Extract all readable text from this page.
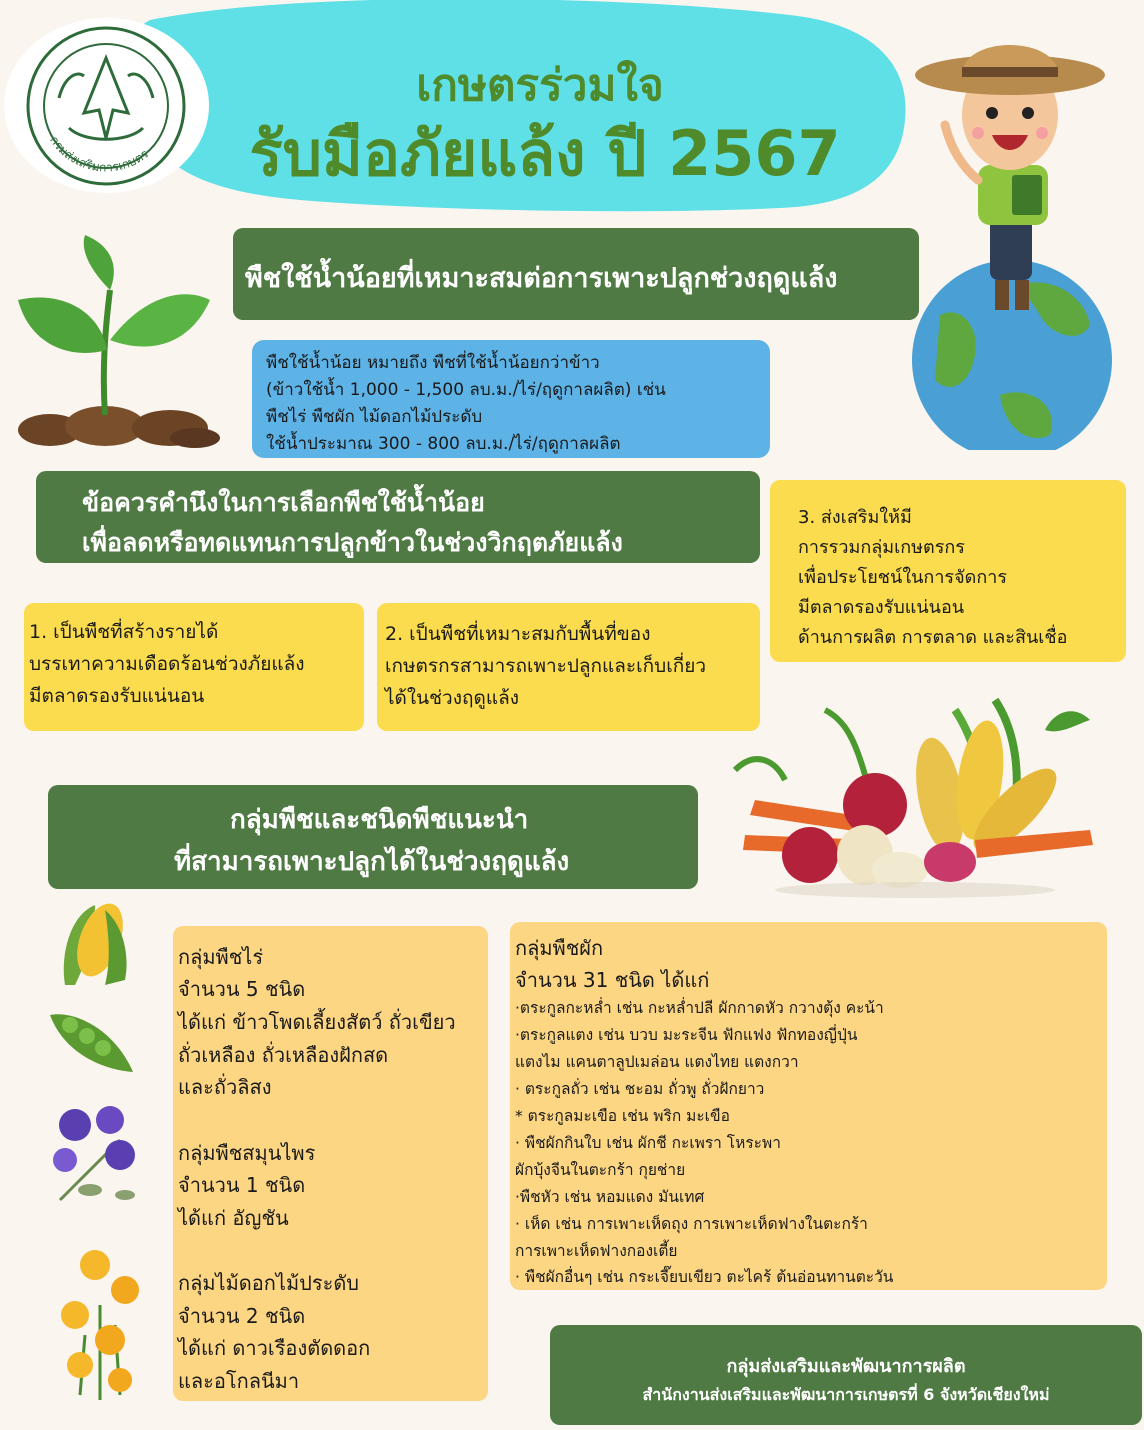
กรมส่งเสริมการเกษตร
เกษตรร่วมใจ
รับมือภัยแล้ง ปี 2567
พืชใช้น้ำน้อยที่เหมาะสมต่อการเพาะปลูกช่วงฤดูแล้ง
พืชใช้น้ำน้อย หมายถึง พืชที่ใช้น้ำน้อยกว่าข้าว
(ข้าวใช้น้ำ 1,000 - 1,500 ลบ.ม./ไร่/ฤดูกาลผลิต) เช่น
พืชไร่ พืชผัก ไม้ดอกไม้ประดับ
ใช้น้ำประมาณ 300 - 800 ลบ.ม./ไร่/ฤดูกาลผลิต
ข้อควรคำนึงในการเลือกพืชใช้น้ำน้อย
เพื่อลดหรือทดแทนการปลูกข้าวในช่วงวิกฤตภัยแล้ง
3. ส่งเสริมให้มี
การรวมกลุ่มเกษตรกร
เพื่อประโยชน์ในการจัดการ
มีตลาดรองรับแน่นอน
ด้านการผลิต การตลาด และสินเชื่อ
1. เป็นพืชที่สร้างรายได้
บรรเทาความเดือดร้อนช่วงภัยแล้ง
มีตลาดรองรับแน่นอน
2. เป็นพืชที่เหมาะสมกับพื้นที่ของ
เกษตรกรสามารถเพาะปลูกและเก็บเกี่ยว
ได้ในช่วงฤดูแล้ง
กลุ่มพืชและชนิดพืชแนะนำ
ที่สามารถเพาะปลูกได้ในช่วงฤดูแล้ง
กลุ่มพืชไร่
จำนวน 5 ชนิด
ได้แก่ ข้าวโพดเลี้ยงสัตว์ ถั่วเขียว
ถั่วเหลือง ถั่วเหลืองฝักสด
และถั่วลิสง
กลุ่มพืชสมุนไพร
จำนวน 1 ชนิด
ได้แก่ อัญชัน
กลุ่มไม้ดอกไม้ประดับ
จำนวน 2 ชนิด
ได้แก่ ดาวเรืองตัดดอก
และอโกลนีมา
กลุ่มพืชผัก
จำนวน 31 ชนิด ได้แก่
·ตระกูลกะหล่ำ เช่น กะหล่ำปลี ผักกาดหัว กวางตุ้ง คะน้า
·ตระกูลแตง เช่น บวบ มะระจีน ฟักแฟง ฟักทองญี่ปุ่น
แตงไม แคนตาลูปเมล่อน แตงไทย แตงกวา
· ตระกูลถั่ว เช่น ชะอม ถั่วพู ถั่วฝักยาว
* ตระกูลมะเขือ เช่น พริก มะเขือ
· พืชผักกินใบ เช่น ผักชี กะเพรา โหระพา
ผักบุ้งจีนในตะกร้า กุยช่าย
·พืชหัว เช่น หอมแดง มันเทศ
· เห็ด เช่น การเพาะเห็ดถุง การเพาะเห็ดฟางในตะกร้า
การเพาะเห็ดฟางกองเตี้ย
· พืชผักอื่นๆ เช่น กระเจี๊ยบเขียว ตะไคร้ ต้นอ่อนทานตะวัน
กลุ่มส่งเสริมและพัฒนาการผลิต
สำนักงานส่งเสริมและพัฒนาการเกษตรที่ 6 จังหวัดเชียงใหม่
